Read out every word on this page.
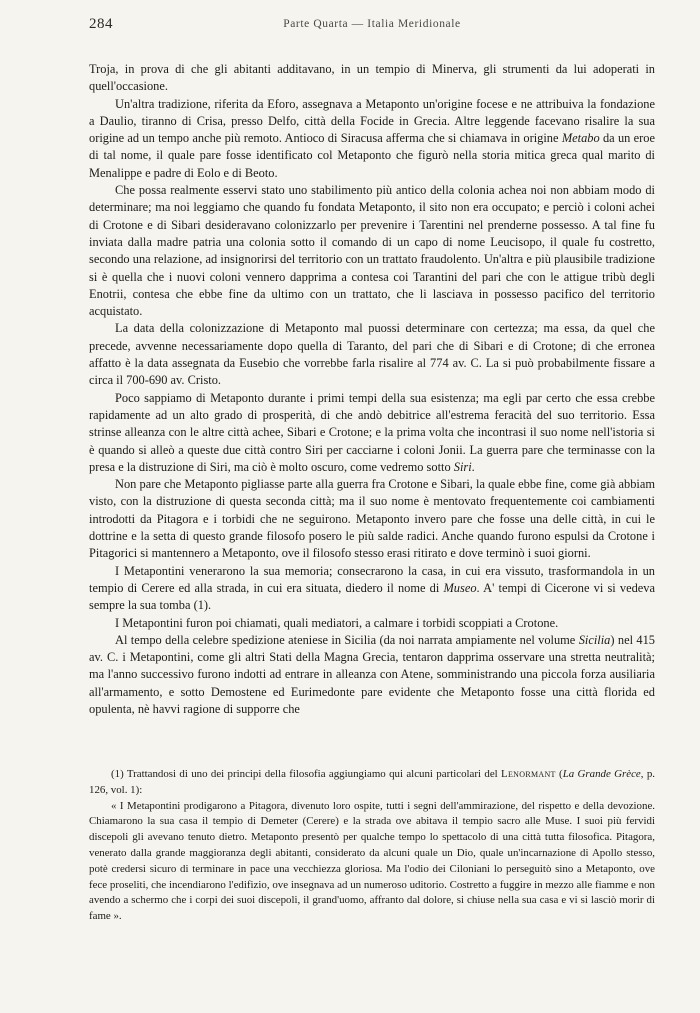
284	Parte Quarta — Italia Meridionale

Troja, in prova di che gli abitanti additavano, in un tempio di Minerva, gli strumenti da lui adoperati in quell'occasione.

Un'altra tradizione, riferita da Eforo, assegnava a Metaponto un'origine focese e ne attribuiva la fondazione a Daulio, tiranno di Crisa, presso Delfo, città della Focide in Grecia. Altre leggende facevano risalire la sua origine ad un tempo anche più remoto. Antioco di Siracusa afferma che si chiamava in origine Metabo da un eroe di tal nome, il quale pare fosse identificato col Metaponto che figurò nella storia mitica greca qual marito di Menalippe e padre di Eolo e di Beoto.

Che possa realmente esservi stato uno stabilimento più antico della colonia achea noi non abbiam modo di determinare; ma noi leggiamo che quando fu fondata Metaponto, il sito non era occupato; e perciò i coloni achei di Crotone e di Sibari desideravano colonizzarlo per prevenire i Tarentini nel prenderne possesso. A tal fine fu inviata dalla madre patria una colonia sotto il comando di un capo di nome Leucisopo, il quale fu costretto, secondo una relazione, ad insignorirsi del territorio con un trattato fraudolento. Un'altra e più plausibile tradizione si è quella che i nuovi coloni vennero dapprima a contesa coi Tarantini del pari che con le attigue tribù degli Enotrii, contesa che ebbe fine da ultimo con un trattato, che li lasciava in possesso pacifico del territorio acquistato.

La data della colonizzazione di Metaponto mal puossi determinare con certezza; ma essa, da quel che precede, avvenne necessariamente dopo quella di Taranto, del pari che di Sibari e di Crotone; di che erronea affatto è la data assegnata da Eusebio che vorrebbe farla risalire al 774 av. C. La si può probabilmente fissare a circa il 700-690 av. Cristo.

Poco sappiamo di Metaponto durante i primi tempi della sua esistenza; ma egli par certo che essa crebbe rapidamente ad un alto grado di prosperità, di che andò debitrice all'estrema feracità del suo territorio. Essa strinse alleanza con le altre città achee, Sibari e Crotone; e la prima volta che incontrasi il suo nome nell'istoria si è quando si alleò a queste due città contro Siri per cacciarne i coloni Jonii. La guerra pare che terminasse con la presa e la distruzione di Siri, ma ciò è molto oscuro, come vedremo sotto Siri.

Non pare che Metaponto pigliasse parte alla guerra fra Crotone e Sibari, la quale ebbe fine, come già abbiam visto, con la distruzione di questa seconda città; ma il suo nome è mentovato frequentemente coi cambiamenti introdotti da Pitagora e i torbidi che ne seguirono. Metaponto invero pare che fosse una delle città, in cui le dottrine e la setta di questo grande filosofo posero le più salde radici. Anche quando furono espulsi da Crotone i Pitagorici si mantennero a Metaponto, ove il filosofo stesso erasi ritirato e dove terminò i suoi giorni.

I Metapontini venerarono la sua memoria; consecrarono la casa, in cui era vissuto, trasformandola in un tempio di Cerere ed alla strada, in cui era situata, diedero il nome di Museo. A' tempi di Cicerone vi si vedeva sempre la sua tomba (1).

I Metapontini furon poi chiamati, quali mediatori, a calmare i torbidi scoppiati a Crotone.

Al tempo della celebre spedizione ateniese in Sicilia (da noi narrata ampiamente nel volume Sicilia) nel 415 av. C. i Metapontini, come gli altri Stati della Magna Grecia, tentaron dapprima osservare una stretta neutralità; ma l'anno successivo furono indotti ad entrare in alleanza con Atene, somministrando una piccola forza ausiliaria all'armamento, e sotto Demostene ed Eurimedonte pare evidente che Metaponto fosse una città florida ed opulenta, nè havvi ragione di supporre che

(1) Trattandosi di uno dei principi della filosofia aggiungiamo qui alcuni particolari del Lenormant (La Grande Grèce, p. 126, vol. 1):

« I Metapontini prodigarono a Pitagora, divenuto loro ospite, tutti i segni dell'ammirazione, del rispetto e della devozione. Chiamarono la sua casa il tempio di Demeter (Cerere) e la strada ove abitava il tempio sacro alle Muse. I suoi più fervidi discepoli gli avevano tenuto dietro. Metaponto presentò per qualche tempo lo spettacolo di una città tutta filosofica. Pitagora, venerato dalla grande maggioranza degli abitanti, considerato da alcuni quale un Dio, quale un'incarnazione di Apollo stesso, potè credersi sicuro di terminare in pace una vecchiezza gloriosa. Ma l'odio dei Ciloniani lo perseguitò sino a Metaponto, ove fece proseliti, che incendiarono l'edifizio, ove insegnava ad un numeroso uditorio. Costretto a fuggire in mezzo alle fiamme e non avendo a schermo che i corpi dei suoi discepoli, il grand'uomo, affranto dal dolore, si chiuse nella sua casa e vi si lasciò morir di fame ».
